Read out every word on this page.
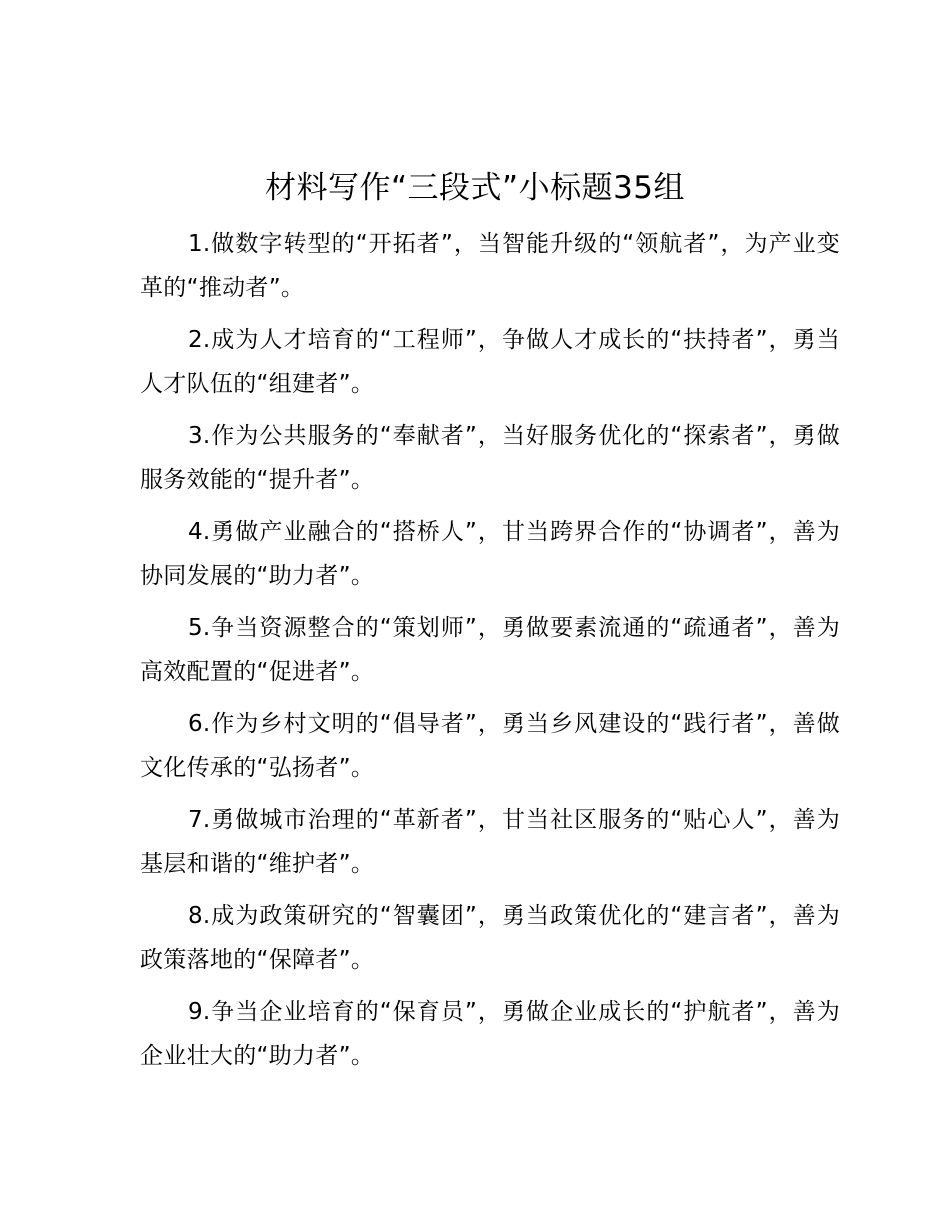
材料写作“三段式”小标题35组

1.做数字转型的“开拓者”，当智能升级的“领航者”，为产业变革的“推动者”。

2.成为人才培育的“工程师”，争做人才成长的“扶持者”，勇当人才队伍的“组建者”。

3.作为公共服务的“奉献者”，当好服务优化的“探索者”，勇做服务效能的“提升者”。

4.勇做产业融合的“搭桥人”，甘当跨界合作的“协调者”，善为协同发展的“助力者”。

5.争当资源整合的“策划师”，勇做要素流通的“疏通者”，善为高效配置的“促进者”。

6.作为乡村文明的“倡导者”，勇当乡风建设的“践行者”，善做文化传承的“弘扬者”。

7.勇做城市治理的“革新者”，甘当社区服务的“贴心人”，善为基层和谐的“维护者”。

8.成为政策研究的“智囊团”，勇当政策优化的“建言者”，善为政策落地的“保障者”。

9.争当企业培育的“保育员”，勇做企业成长的“护航者”，善为企业壮大的“助力者”。
